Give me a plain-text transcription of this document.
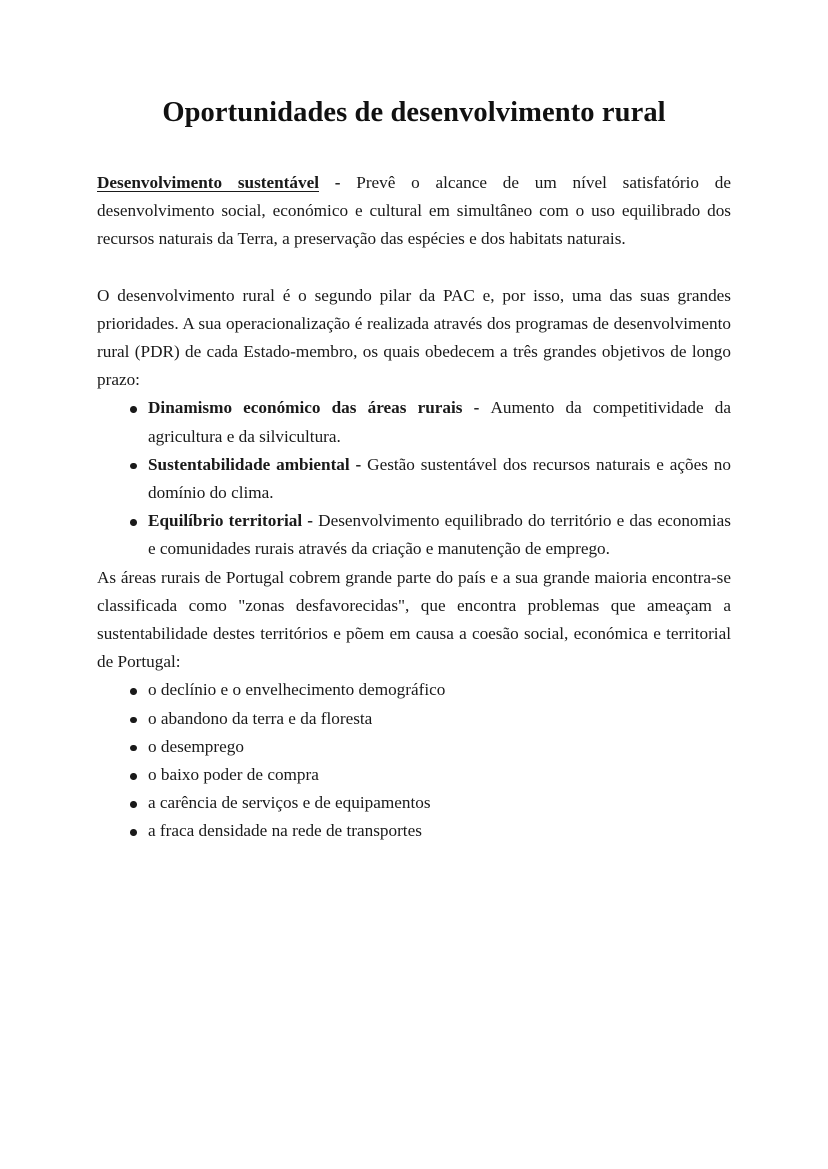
Oportunidades de desenvolvimento rural

Desenvolvimento sustentável - Prevê o alcance de um nível satisfatório de desenvolvimento social, económico e cultural em simultâneo com o uso equilibrado dos recursos naturais da Terra, a preservação das espécies e dos habitats naturais.

O desenvolvimento rural é o segundo pilar da PAC e, por isso, uma das suas grandes prioridades. A sua operacionalização é realizada através dos programas de desenvolvimento rural (PDR) de cada Estado-membro, os quais obedecem a três grandes objetivos de longo prazo:

Dinamismo económico das áreas rurais - Aumento da competitividade da agricultura e da silvicultura.
Sustentabilidade ambiental - Gestão sustentável dos recursos naturais e ações no domínio do clima.
Equilíbrio territorial - Desenvolvimento equilibrado do território e das economias e comunidades rurais através da criação e manutenção de emprego.

As áreas rurais de Portugal cobrem grande parte do país e a sua grande maioria encontra-se classificada como "zonas desfavorecidas", que encontra problemas que ameaçam a sustentabilidade destes territórios e põem em causa a coesão social, económica e territorial de Portugal:

o declínio e o envelhecimento demográfico
o abandono da terra e da floresta
o desemprego
o baixo poder de compra
a carência de serviços e de equipamentos
a fraca densidade na rede de transportes
